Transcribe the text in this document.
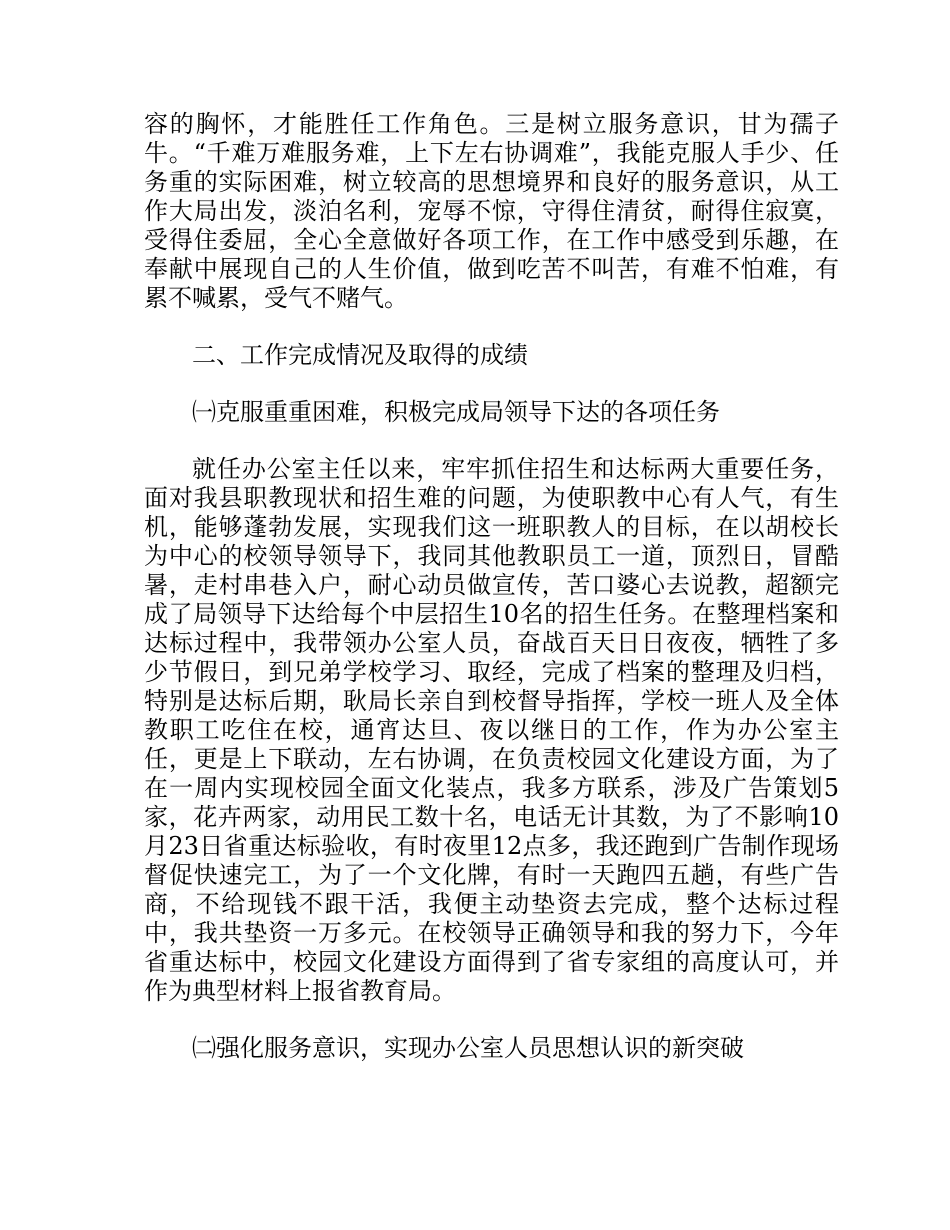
容的胸怀，才能胜任工作角色。三是树立服务意识，甘为孺子牛。“千难万难服务难，上下左右协调难”，我能克服人手少、任务重的实际困难，树立较高的思想境界和良好的服务意识，从工作大局出发，淡泊名利，宠辱不惊，守得住清贫，耐得住寂寞，受得住委屈，全心全意做好各项工作，在工作中感受到乐趣，在奉献中展现自己的人生价值，做到吃苦不叫苦，有难不怕难，有累不喊累，受气不赌气。

二、工作完成情况及取得的成绩

㈠克服重重困难，积极完成局领导下达的各项任务

就任办公室主任以来，牢牢抓住招生和达标两大重要任务，面对我县职教现状和招生难的问题，为使职教中心有人气，有生机，能够蓬勃发展，实现我们这一班职教人的目标，在以胡校长为中心的校领导领导下，我同其他教职员工一道，顶烈日，冒酷暑，走村串巷入户，耐心动员做宣传，苦口婆心去说教，超额完成了局领导下达给每个中层招生10名的招生任务。在整理档案和达标过程中，我带领办公室人员，奋战百天日日夜夜，牺牲了多少节假日，到兄弟学校学习、取经，完成了档案的整理及归档，特别是达标后期，耿局长亲自到校督导指挥，学校一班人及全体教职工吃住在校，通宵达旦、夜以继日的工作，作为办公室主任，更是上下联动，左右协调，在负责校园文化建设方面，为了在一周内实现校园全面文化装点，我多方联系，涉及广告策划5家，花卉两家，动用民工数十名，电话无计其数，为了不影响10月23日省重达标验收，有时夜里12点多，我还跑到广告制作现场督促快速完工，为了一个文化牌，有时一天跑四五趟，有些广告商，不给现钱不跟干活，我便主动垫资去完成，整个达标过程中，我共垫资一万多元。在校领导正确领导和我的努力下，今年省重达标中，校园文化建设方面得到了省专家组的高度认可，并作为典型材料上报省教育局。

㈡强化服务意识，实现办公室人员思想认识的新突破
